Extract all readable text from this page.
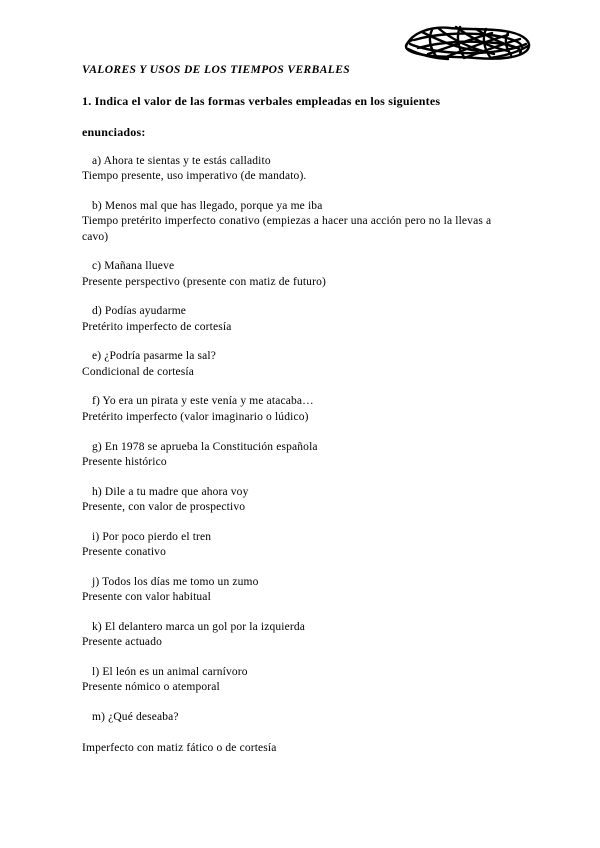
VALORES Y USOS DE LOS TIEMPOS VERBALES
1. Indica el valor de las formas verbales empleadas en los siguientes
enunciados:
a) Ahora te sientas y te estás calladito
Tiempo presente, uso imperativo (de mandato).
b) Menos mal que has llegado, porque ya me iba
Tiempo pretérito imperfecto conativo (empiezas a hacer una acción pero no la llevas a cavo)
c) Mañana llueve
Presente perspectivo (presente con matiz de futuro)
d) Podías ayudarme
Pretérito imperfecto de cortesía
e) ¿Podría pasarme la sal?
Condicional de cortesía
f) Yo era un pirata y este venía y me atacaba…
Pretérito imperfecto (valor imaginario o lúdico)
g) En 1978 se aprueba la Constitución española
Presente histórico
h) Dile a tu madre que ahora voy
Presente, con valor de prospectivo
i) Por poco pierdo el tren
Presente conativo
j) Todos los días me tomo un zumo
Presente con valor habitual
k) El delantero marca un gol por la izquierda
Presente actuado
l) El león es un animal carnívoro
Presente nómico o atemporal
m) ¿Qué deseaba?
Imperfecto con matiz fático o de cortesía
